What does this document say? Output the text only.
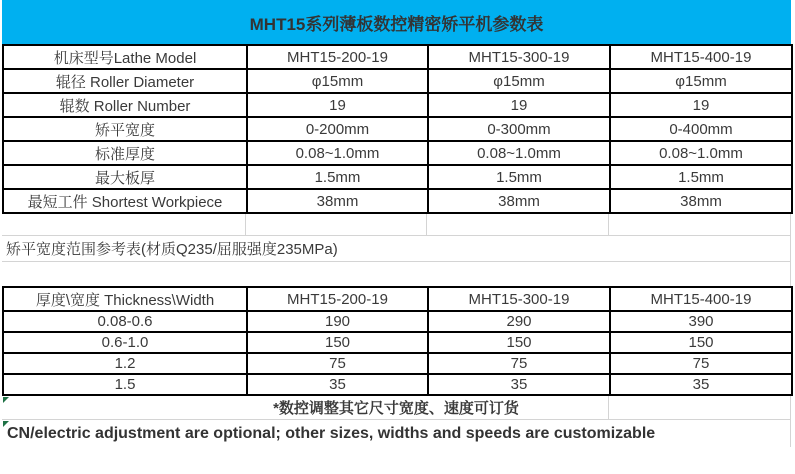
MHT15系列薄板数控精密矫平机参数表
机床型号Lathe Model	MHT15-200-19	MHT15-300-19	MHT15-400-19
辊径 Roller Diameter	φ15mm	φ15mm	φ15mm
辊数 Roller Number	19	19	19
矫平宽度	0-200mm	0-300mm	0-400mm
标准厚度	0.08~1.0mm	0.08~1.0mm	0.08~1.0mm
最大板厚	1.5mm	1.5mm	1.5mm
最短工件 Shortest Workpiece	38mm	38mm	38mm
矫平宽度范围参考表(材质Q235/屈服强度235MPa)
厚度\宽度 Thickness\Width	MHT15-200-19	MHT15-300-19	MHT15-400-19
0.08-0.6	190	290	390
0.6-1.0	150	150	150
1.2	75	75	75
1.5	35	35	35
*数控调整其它尺寸宽度、速度可订货
CN/electric adjustment are optional; other sizes, widths and speeds are customizable
